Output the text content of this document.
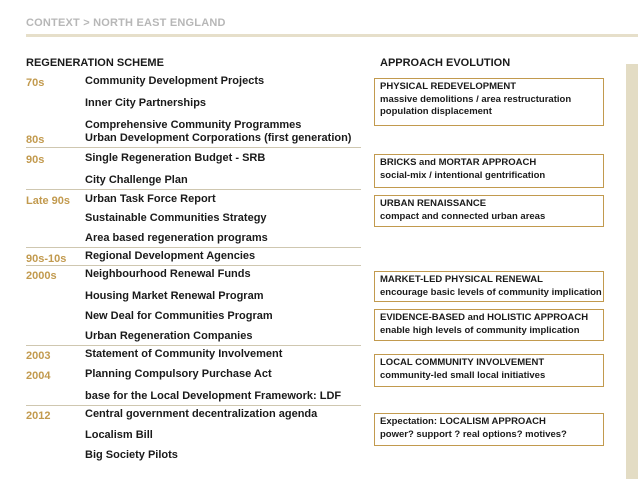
CONTEXT > NORTH EAST ENGLAND
REGENERATION SCHEME	APPROACH EVOLUTION
70s	Community Development Projects
Inner City Partnerships
Comprehensive Community Programmes
80s	Urban Development Corporations (first generation)
90s	Single Regeneration Budget - SRB
City Challenge Plan
Late 90s Urban Task Force Report
Sustainable Communities Strategy
Area based regeneration programs
90s-10s Regional Development Agencies
2000s	Neighbourhood Renewal Funds
Housing Market Renewal Program
New Deal for Communities Program
Urban Regeneration Companies
2003	Statement of Community Involvement
2004	Planning Compulsory Purchase Act
base for the Local Development Framework: LDF
2012	Central government decentralization agenda
Localism Bill
Big Society Pilots
PHYSICAL REDEVELOPMENT
massive demolitions / area restructuration
population displacement
BRICKS and MORTAR APPROACH
social-mix / intentional gentrification
URBAN RENAISSANCE
compact and connected urban areas
MARKET-LED PHYSICAL RENEWAL
encourage basic levels of community implication
EVIDENCE-BASED and HOLISTIC APPROACH
enable high levels of community implication
LOCAL COMMUNITY INVOLVEMENT
community-led small local initiatives
Expectation: LOCALISM APPROACH
power? support ? real options? motives?
